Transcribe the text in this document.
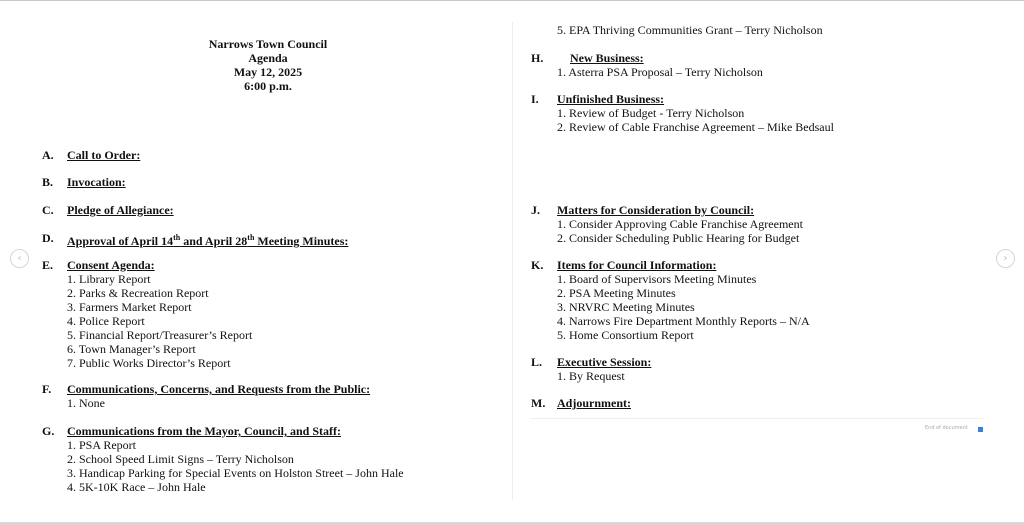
‹	›
Narrows Town Council
Agenda
May 12, 2025
6:00 p.m.
A. Call to Order:
B. Invocation:
C. Pledge of Allegiance:
D. Approval of April 14th and April 28th Meeting Minutes:
E. Consent Agenda:
1. Library Report
2. Parks & Recreation Report
3. Farmers Market Report
4. Police Report
5. Financial Report/Treasurer’s Report
6. Town Manager’s Report
7. Public Works Director’s Report
F. Communications, Concerns, and Requests from the Public:
1. None
G. Communications from the Mayor, Council, and Staff:
1. PSA Report
2. School Speed Limit Signs – Terry Nicholson
3. Handicap Parking for Special Events on Holston Street – John Hale
4. 5K-10K Race – John Hale
5. EPA Thriving Communities Grant – Terry Nicholson
H.	New Business:
1. Asterra PSA Proposal – Terry Nicholson
I. Unfinished Business:
1. Review of Budget - Terry Nicholson
2. Review of Cable Franchise Agreement – Mike Bedsaul
J. Matters for Consideration by Council:
1. Consider Approving Cable Franchise Agreement
2. Consider Scheduling Public Hearing for Budget
K. Items for Council Information:
1. Board of Supervisors Meeting Minutes
2. PSA Meeting Minutes
3. NRVRC Meeting Minutes
4. Narrows Fire Department Monthly Reports – N/A
5. Home Consortium Report
L. Executive Session:
1. By Request
M. Adjournment:
End of document
